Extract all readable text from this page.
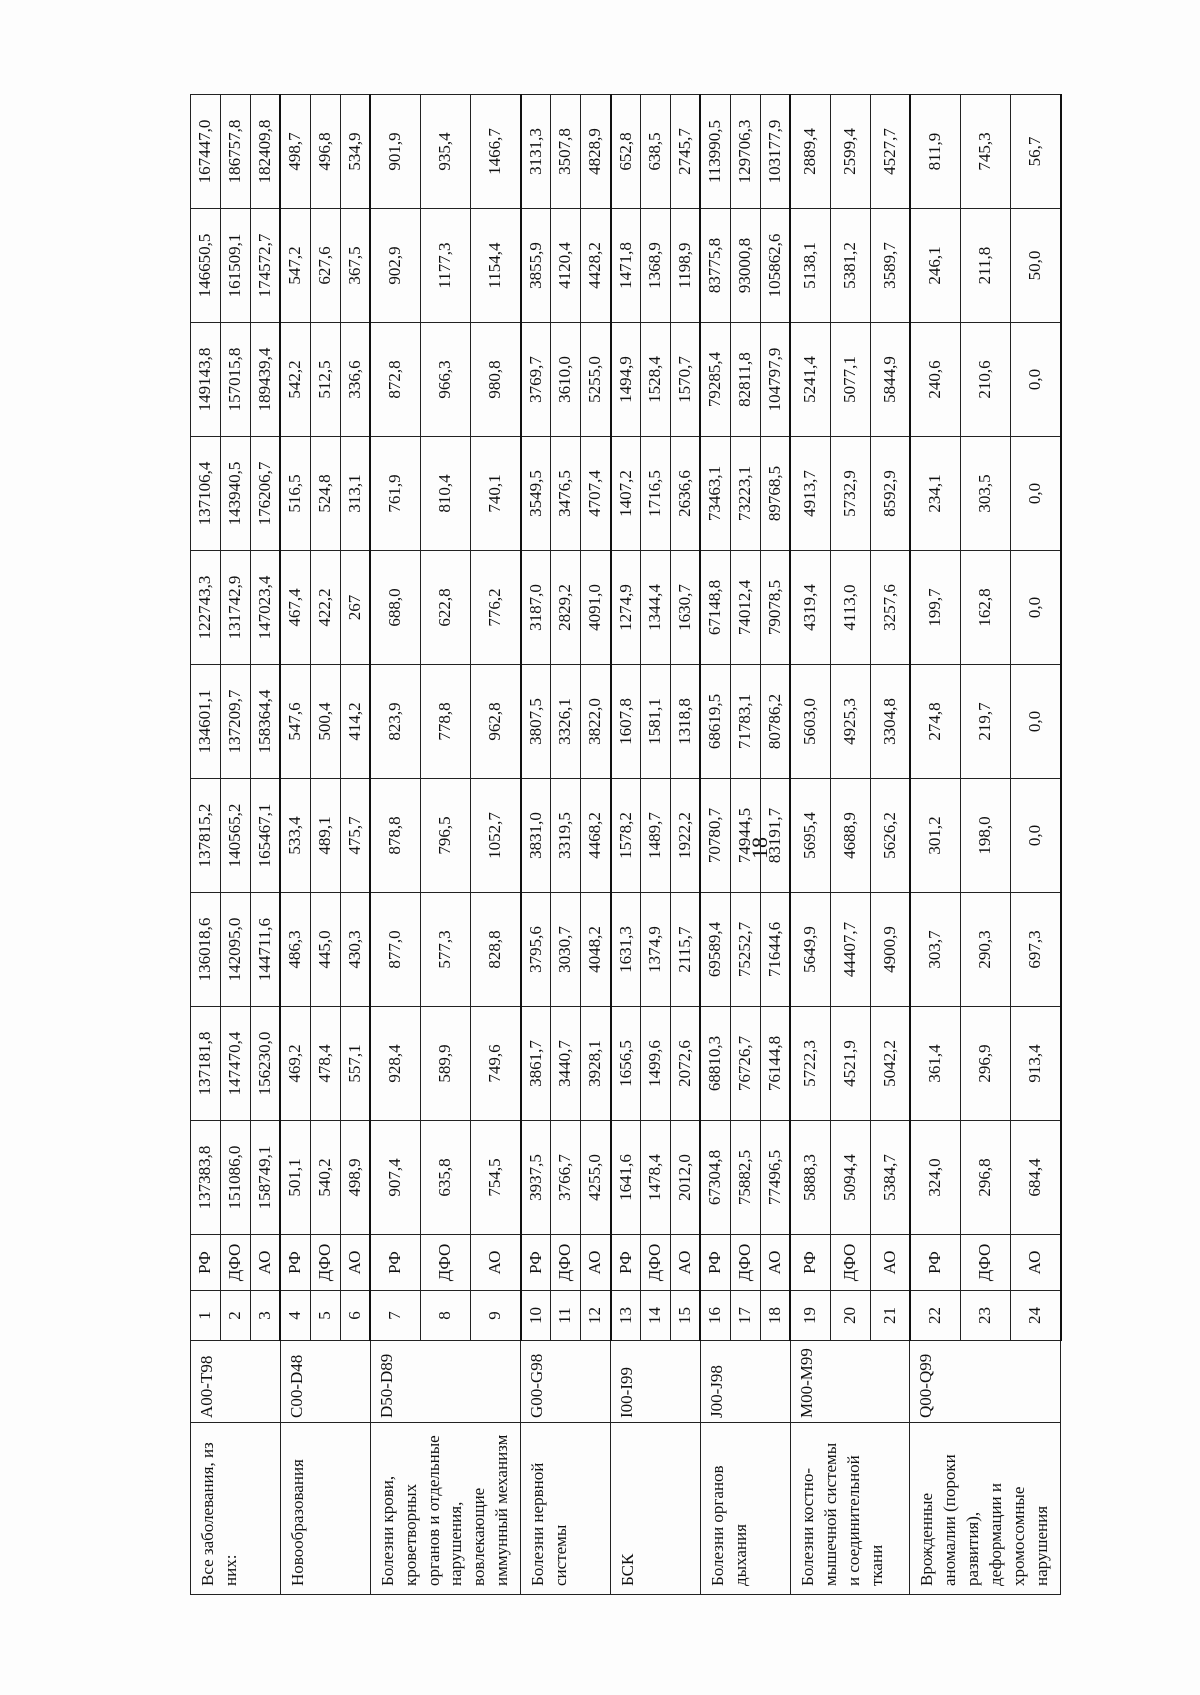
18
Все заболевания, из них:	A00-T98	1	РФ	137383,8	137181,8	136018,6	137815,2	134601,1	122743,3	137106,4	149143,8	146650,5	167447,0
		2	ДФО	151086,0	147470,4	142095,0	140565,2	137209,7	131742,9	143940,5	157015,8	161509,1	186757,8
		3	АО	158749,1	156230,0	144711,6	165467,1	158364,4	147023,4	176206,7	189439,4	174572,7	182409,8
Новообразования	C00-D48	4	РФ	501,1	469,2	486,3	533,4	547,6	467,4	516,5	542,2	547,2	498,7
		5	ДФО	540,2	478,4	445,0	489,1	500,4	422,2	524,8	512,5	627,6	496,8
		6	АО	498,9	557,1	430,3	475,7	414,2	267	313,1	336,6	367,5	534,9
Болезни крови, кроветворных органов и отдельные нарушения, вовлекающие иммунный механизм	D50-D89	7	РФ	907,4	928,4	877,0	878,8	823,9	688,0	761,9	872,8	902,9	901,9
		8	ДФО	635,8	589,9	577,3	796,5	778,8	622,8	810,4	966,3	1177,3	935,4
		9	АО	754,5	749,6	828,8	1052,7	962,8	776,2	740,1	980,8	1154,4	1466,7
Болезни нервной системы	G00-G98	10	РФ	3937,5	3861,7	3795,6	3831,0	3807,5	3187,0	3549,5	3769,7	3855,9	3131,3
		11	ДФО	3766,7	3440,7	3030,7	3319,5	3326,1	2829,2	3476,5	3610,0	4120,4	3507,8
		12	АО	4255,0	3928,1	4048,2	4468,2	3822,0	4091,0	4707,4	5255,0	4428,2	4828,9
БСК	I00-I99	13	РФ	1641,6	1656,5	1631,3	1578,2	1607,8	1274,9	1407,2	1494,9	1471,8	652,8
		14	ДФО	1478,4	1499,6	1374,9	1489,7	1581,1	1344,4	1716,5	1528,4	1368,9	638,5
		15	АО	2012,0	2072,6	2115,7	1922,2	1318,8	1630,7	2636,6	1570,7	1198,9	2745,7
Болезни органов дыхания	J00-J98	16	РФ	67304,8	68810,3	69589,4	70780,7	68619,5	67148,8	73463,1	79285,4	83775,8	113990,5
		17	ДФО	75882,5	76726,7	75252,7	74944,5	71783,1	74012,4	73223,1	82811,8	93000,8	129706,3
		18	АО	77496,5	76144,8	71644,6	83191,7	80786,2	79078,5	89768,5	104797,9	105862,6	103177,9
Болезни костно-мышечной системы и соединительной ткани	M00-M99	19	РФ	5888,3	5722,3	5649,9	5695,4	5603,0	4319,4	4913,7	5241,4	5138,1	2889,4
		20	ДФО	5094,4	4521,9	44407,7	4688,9	4925,3	4113,0	5732,9	5077,1	5381,2	2599,4
		21	АО	5384,7	5042,2	4900,9	5626,2	3304,8	3257,6	8592,9	5844,9	3589,7	4527,7
Врожденные аномалии (пороки развития), деформации и хромосомные нарушения	Q00-Q99	22	РФ	324,0	361,4	303,7	301,2	274,8	199,7	234,1	240,6	246,1	811,9
		23	ДФО	296,8	296,9	290,3	198,0	219,7	162,8	303,5	210,6	211,8	745,3
		24	АО	684,4	913,4	697,3	0,0	0,0	0,0	0,0	0,0	50,0	56,7
